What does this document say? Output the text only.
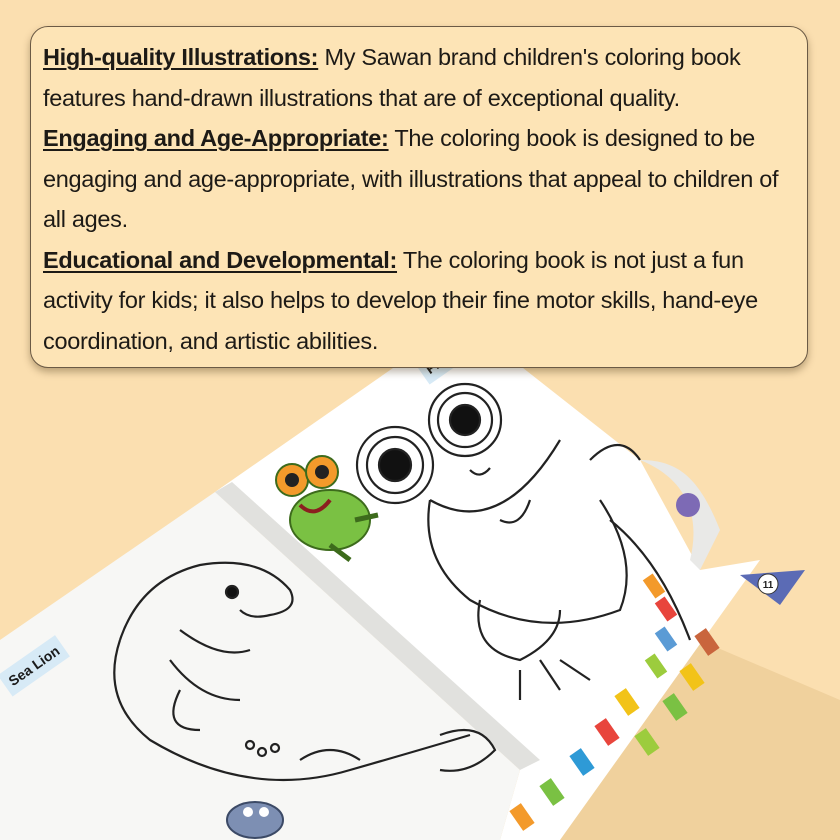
Sea Lion
11

High-quality Illustrations: My Sawan brand children's coloring book features hand-drawn illustrations that are of exceptional quality.

Engaging and Age-Appropriate: The coloring book is designed to be engaging and age-appropriate, with illustrations that appeal to children of all ages.

Educational and Developmental: The coloring book is not just a fun activity for kids; it also helps to develop their fine motor skills, hand-eye coordination, and artistic abilities.
